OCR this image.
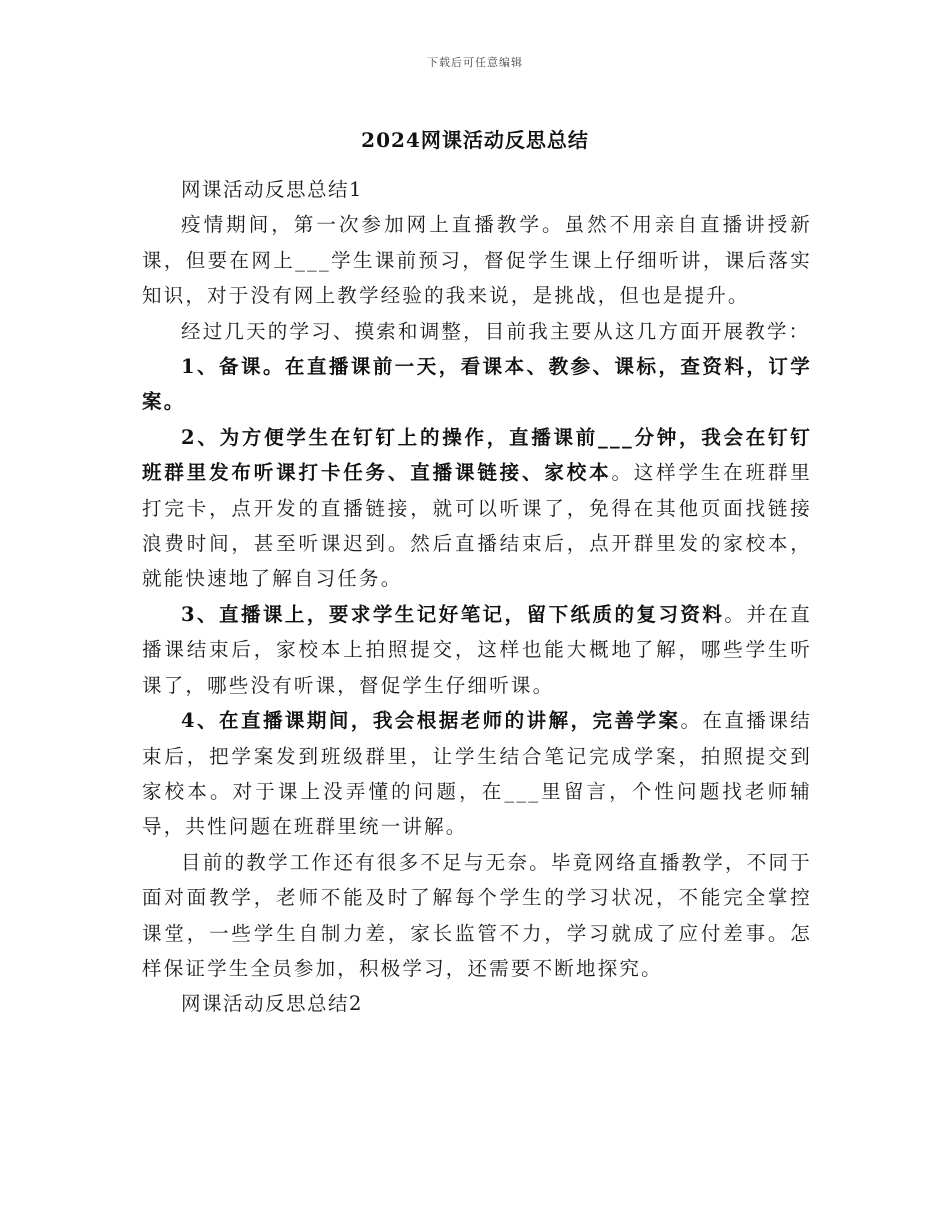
下载后可任意编辑
2024网课活动反思总结

网课活动反思总结1

疫情期间，第一次参加网上直播教学。虽然不用亲自直播讲授新课，但要在网上___学生课前预习，督促学生课上仔细听讲，课后落实知识，对于没有网上教学经验的我来说，是挑战，但也是提升。

经过几天的学习、摸索和调整，目前我主要从这几方面开展教学：

1、备课。在直播课前一天，看课本、教参、课标，查资料，订学案。

2、为方便学生在钉钉上的操作，直播课前___分钟，我会在钉钉班群里发布听课打卡任务、直播课链接、家校本。这样学生在班群里打完卡，点开发的直播链接，就可以听课了，免得在其他页面找链接浪费时间，甚至听课迟到。然后直播结束后，点开群里发的家校本，就能快速地了解自习任务。

3、直播课上，要求学生记好笔记，留下纸质的复习资料。并在直播课结束后，家校本上拍照提交，这样也能大概地了解，哪些学生听课了，哪些没有听课，督促学生仔细听课。

4、在直播课期间，我会根据老师的讲解，完善学案。在直播课结束后，把学案发到班级群里，让学生结合笔记完成学案，拍照提交到家校本。对于课上没弄懂的问题，在___里留言，个性问题找老师辅导，共性问题在班群里统一讲解。

目前的教学工作还有很多不足与无奈。毕竟网络直播教学，不同于面对面教学，老师不能及时了解每个学生的学习状况，不能完全掌控课堂，一些学生自制力差，家长监管不力，学习就成了应付差事。怎样保证学生全员参加，积极学习，还需要不断地探究。

网课活动反思总结2
